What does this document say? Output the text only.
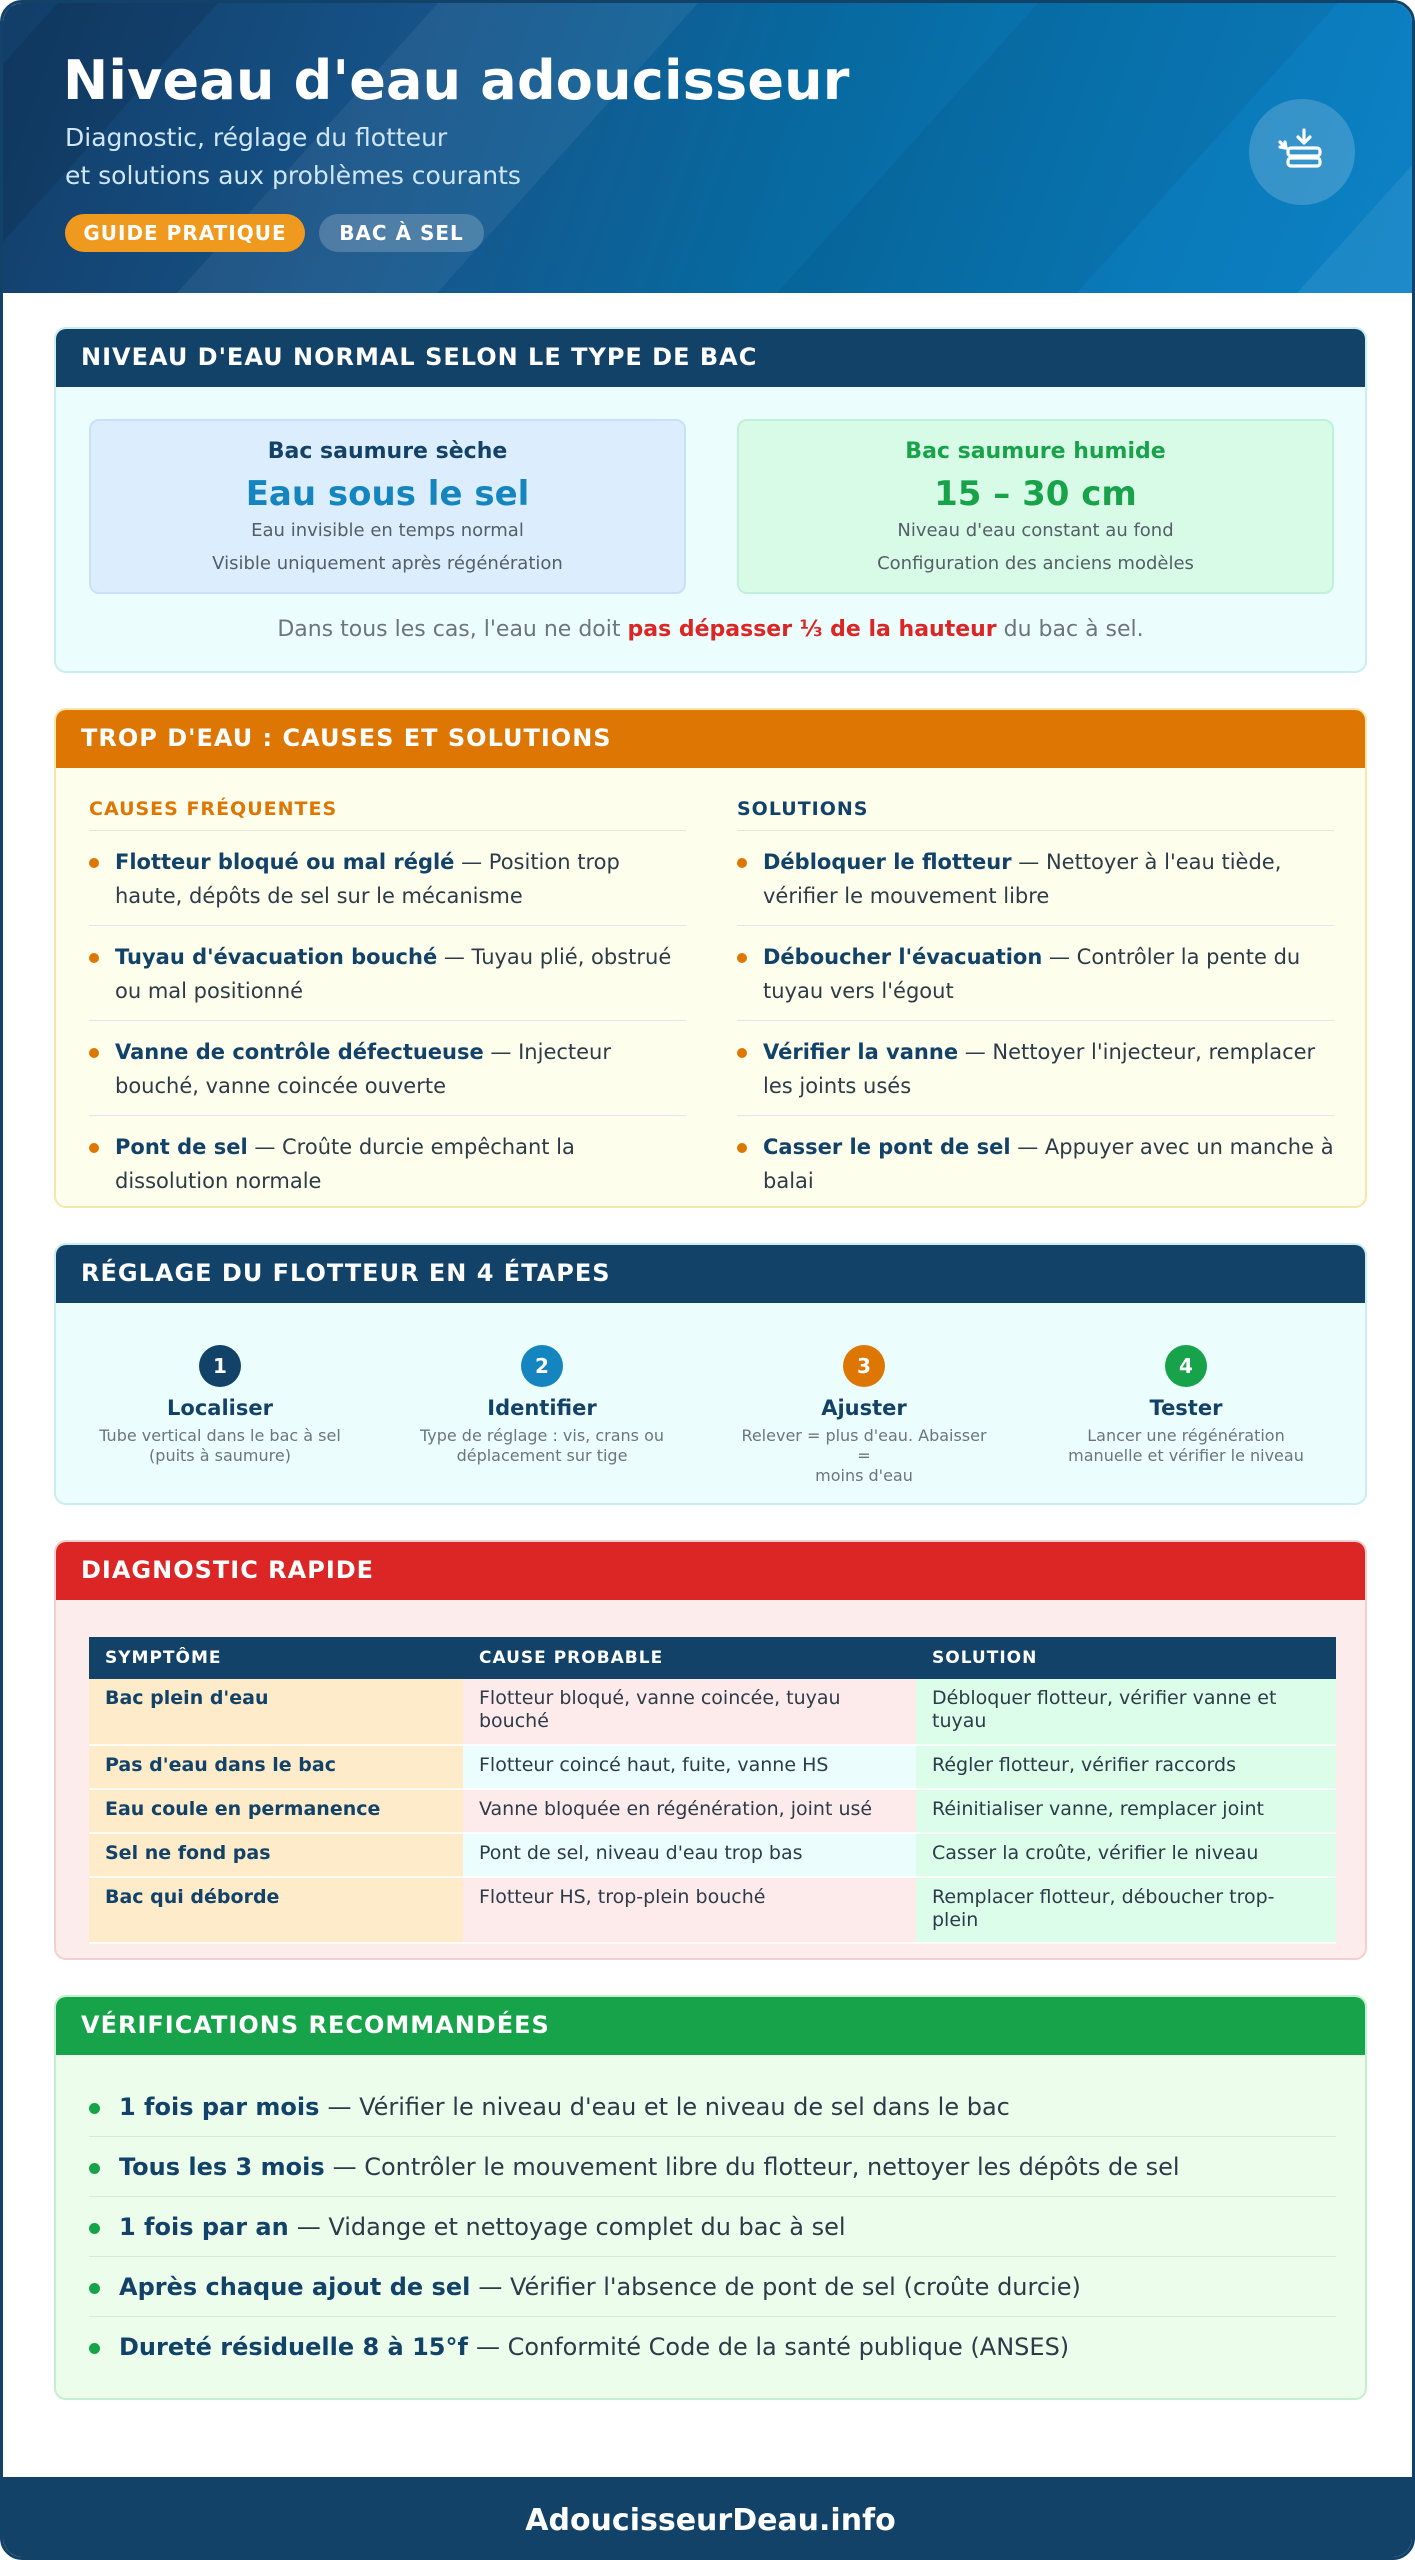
Niveau d'eau adoucisseur
Diagnostic, réglage du flotteur
et solutions aux problèmes courants
GUIDE PRATIQUE	BAC À SEL
NIVEAU D'EAU NORMAL SELON LE TYPE DE BAC
Bac saumure sèche
Eau sous le sel
Eau invisible en temps normal
Visible uniquement après régénération
Bac saumure humide
15 – 30 cm
Niveau d'eau constant au fond
Configuration des anciens modèles
Dans tous les cas, l'eau ne doit pas dépasser ⅓ de la hauteur du bac à sel.
TROP D'EAU : CAUSES ET SOLUTIONS
CAUSES FRÉQUENTES
Flotteur bloqué ou mal réglé — Position trop haute, dépôts de sel sur le mécanisme
Tuyau d'évacuation bouché — Tuyau plié, obstrué ou mal positionné
Vanne de contrôle défectueuse — Injecteur bouché, vanne coincée ouverte
Pont de sel — Croûte durcie empêchant la dissolution normale
SOLUTIONS
Débloquer le flotteur — Nettoyer à l'eau tiède, vérifier le mouvement libre
Déboucher l'évacuation — Contrôler la pente du tuyau vers l'égout
Vérifier la vanne — Nettoyer l'injecteur, remplacer les joints usés
Casser le pont de sel — Appuyer avec un manche à balai
RÉGLAGE DU FLOTTEUR EN 4 ÉTAPES
1
Localiser
Tube vertical dans le bac à sel
(puits à saumure)
2
Identifier
Type de réglage : vis, crans ou
déplacement sur tige
3
Ajuster
Relever = plus d'eau. Abaisser =
moins d'eau
4
Tester
Lancer une régénération
manuelle et vérifier le niveau
DIAGNOSTIC RAPIDE
SYMPTÔME	CAUSE PROBABLE	SOLUTION
Bac plein d'eau	Flotteur bloqué, vanne coincée, tuyau bouché	Débloquer flotteur, vérifier vanne et tuyau
Pas d'eau dans le bac	Flotteur coincé haut, fuite, vanne HS	Régler flotteur, vérifier raccords
Eau coule en permanence	Vanne bloquée en régénération, joint usé	Réinitialiser vanne, remplacer joint
Sel ne fond pas	Pont de sel, niveau d'eau trop bas	Casser la croûte, vérifier le niveau
Bac qui déborde	Flotteur HS, trop-plein bouché	Remplacer flotteur, déboucher trop-plein
VÉRIFICATIONS RECOMMANDÉES
1 fois par mois — Vérifier le niveau d'eau et le niveau de sel dans le bac
Tous les 3 mois — Contrôler le mouvement libre du flotteur, nettoyer les dépôts de sel
1 fois par an — Vidange et nettoyage complet du bac à sel
Après chaque ajout de sel — Vérifier l'absence de pont de sel (croûte durcie)
Dureté résiduelle 8 à 15°f — Conformité Code de la santé publique (ANSES)
AdoucisseurDeau.info
